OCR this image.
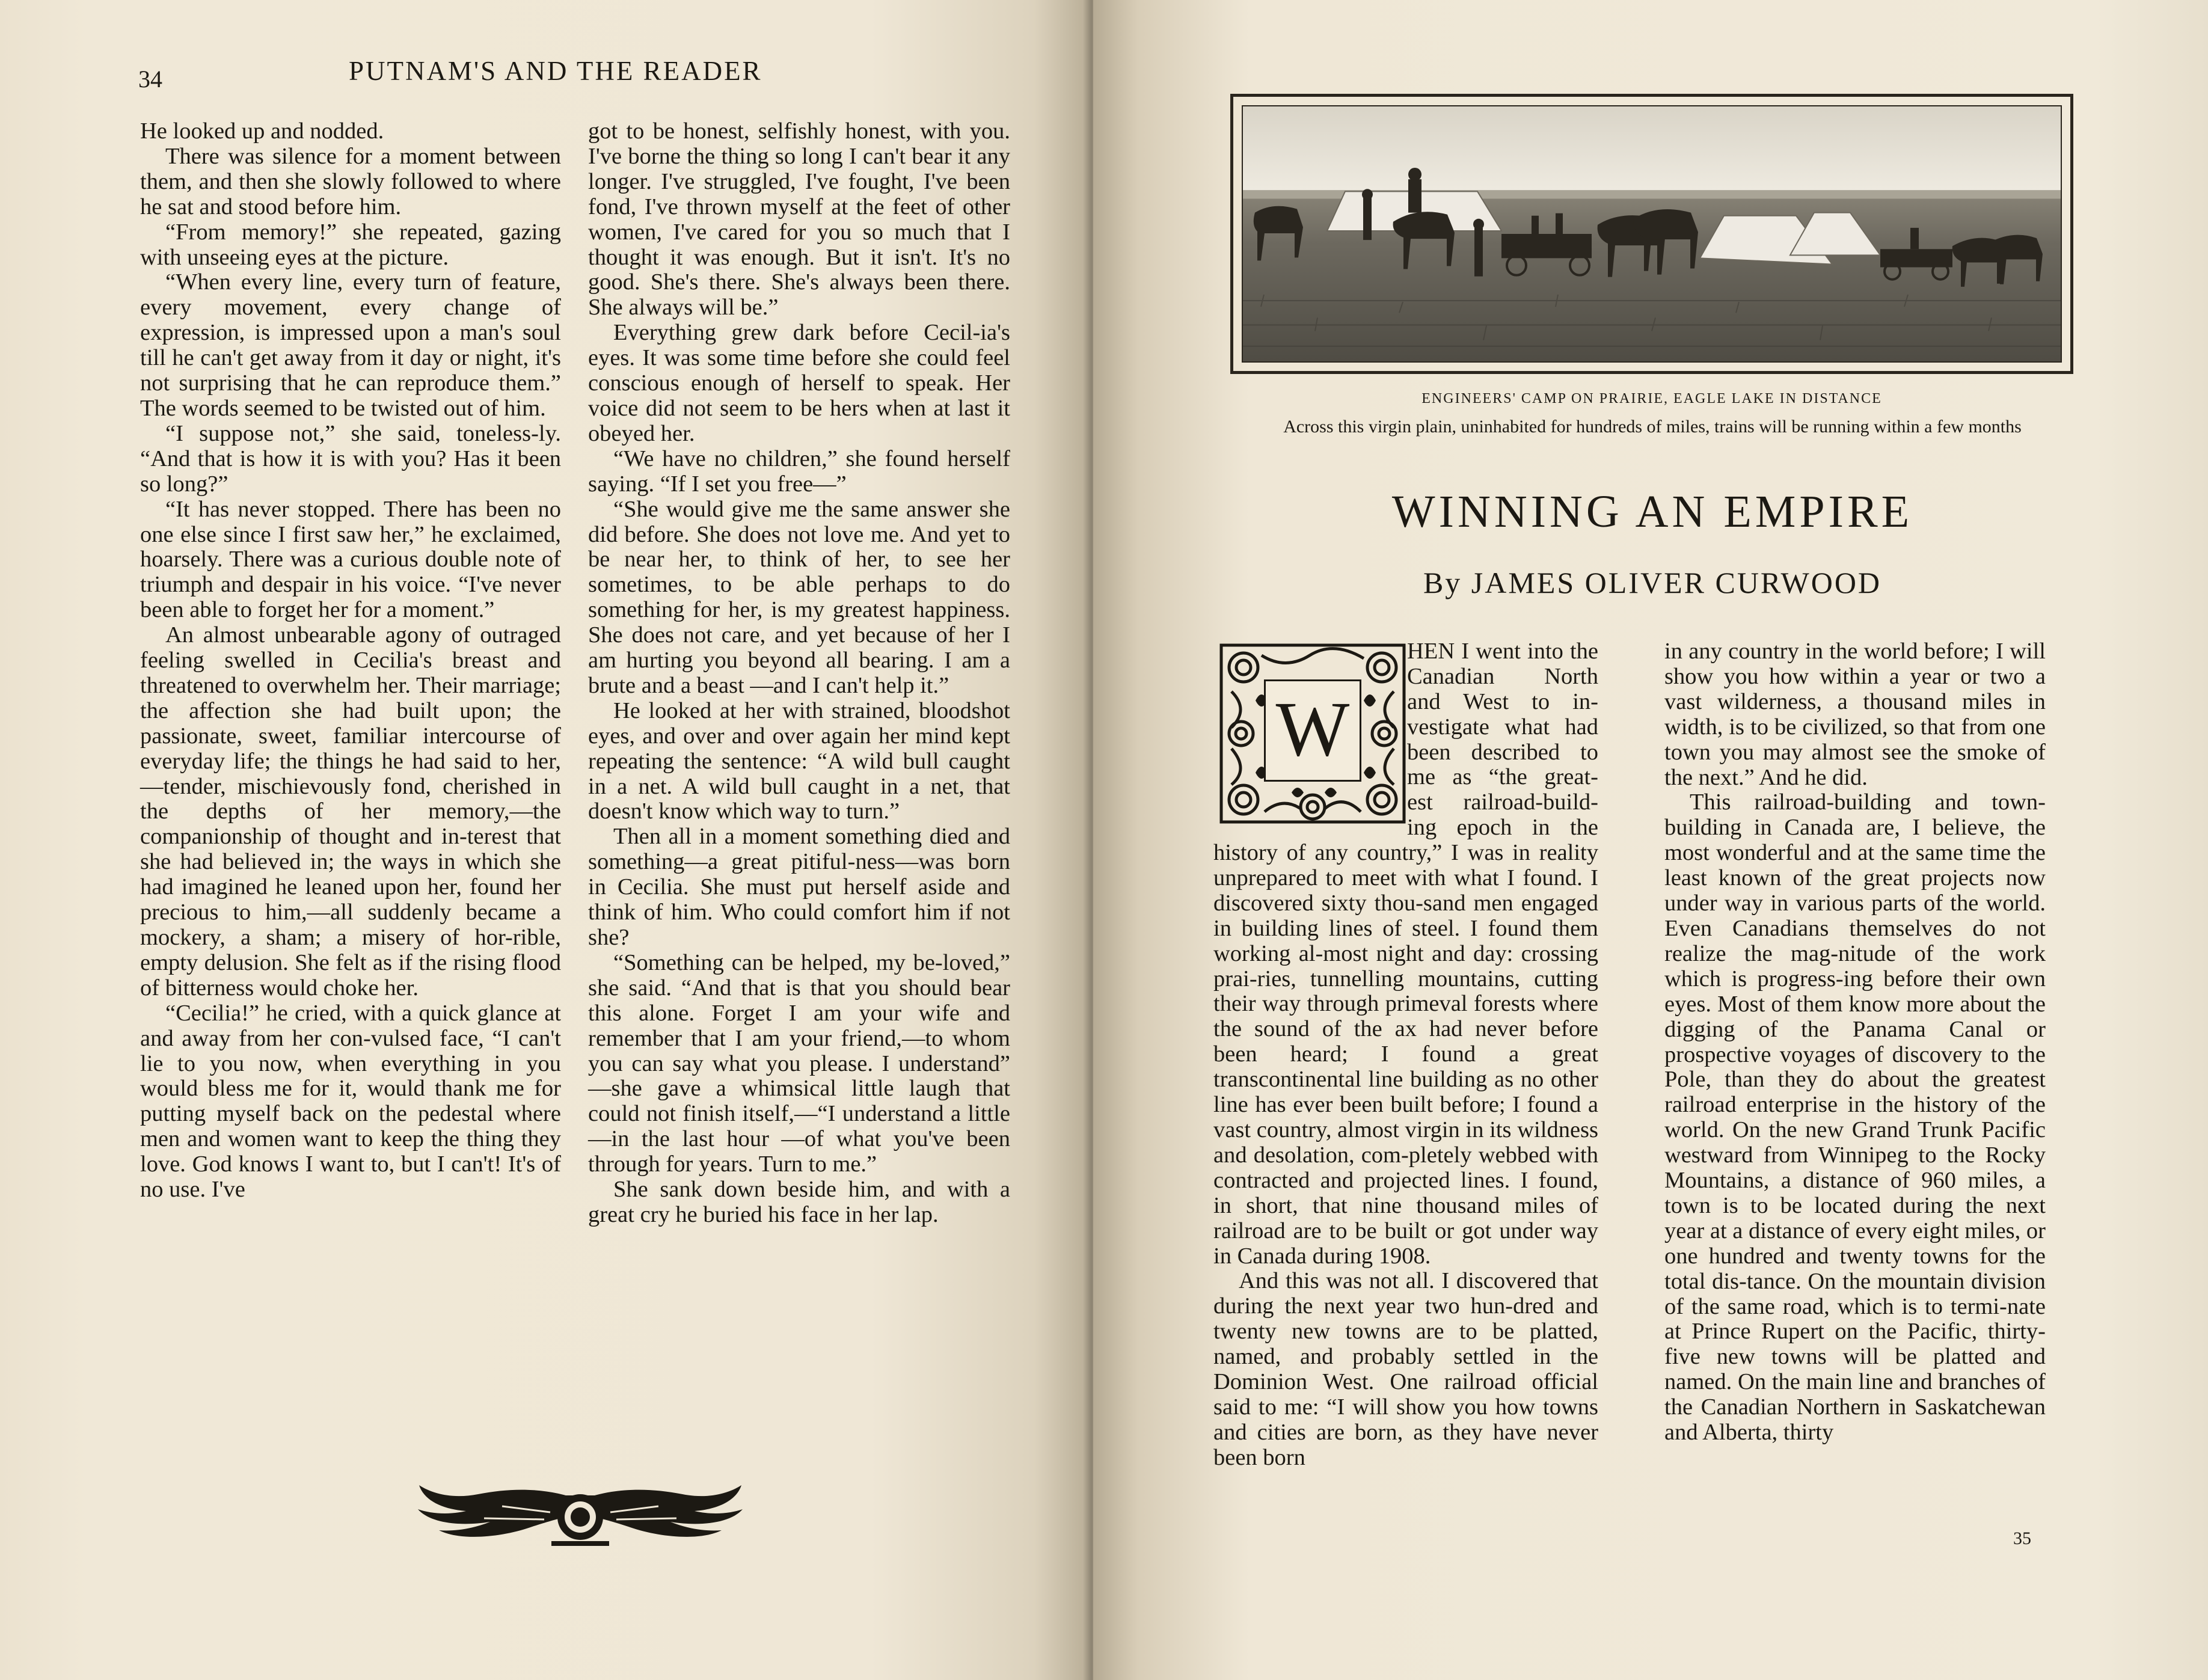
34	PUTNAM'S AND THE READER

He looked up and nodded.

There was silence for a moment between them, and then she slowly followed to where he sat and stood before him.

“From memory!” she repeated, gazing with unseeing eyes at the picture.

“When every line, every turn of feature, every movement, every change of expression, is impressed upon a man's soul till he can't get away from it day or night, it's not surprising that he can reproduce them.” The words seemed to be twisted out of him.

“I suppose not,” she said, toneless-ly. “And that is how it is with you? Has it been so long?”

“It has never stopped. There has been no one else since I first saw her,” he exclaimed, hoarsely. There was a curious double note of triumph and despair in his voice. “I've never been able to forget her for a moment.”

An almost unbearable agony of outraged feeling swelled in Cecilia's breast and threatened to overwhelm her. Their marriage; the affection she had built upon; the passionate, sweet, familiar intercourse of everyday life; the things he had said to her,—tender, mischievously fond, cherished in the depths of her memory,—the companionship of thought and in-terest that she had believed in; the ways in which she had imagined he leaned upon her, found her precious to him,—all suddenly became a mockery, a sham; a misery of hor-rible, empty delusion. She felt as if the rising flood of bitterness would choke her.

“Cecilia!” he cried, with a quick glance at and away from her con-vulsed face, “I can't lie to you now, when everything in you would bless me for it, would thank me for putting myself back on the pedestal where men and women want to keep the thing they love. God knows I want to, but I can't! It's of no use. I've

got to be honest, selfishly honest, with you. I've borne the thing so long I can't bear it any longer. I've struggled, I've fought, I've been fond, I've thrown myself at the feet of other women, I've cared for you so much that I thought it was enough. But it isn't. It's no good. She's there. She's always been there. She always will be.”

Everything grew dark before Cecil-ia's eyes. It was some time before she could feel conscious enough of herself to speak. Her voice did not seem to be hers when at last it obeyed her.

“We have no children,” she found herself saying. “If I set you free—”

“She would give me the same answer she did before. She does not love me. And yet to be near her, to think of her, to see her sometimes, to be able perhaps to do something for her, is my greatest happiness. She does not care, and yet because of her I am hurting you beyond all bearing. I am a brute and a beast —and I can't help it.”

He looked at her with strained, bloodshot eyes, and over and over again her mind kept repeating the sentence: “A wild bull caught in a net. A wild bull caught in a net, that doesn't know which way to turn.”

Then all in a moment something died and something—a great pitiful-ness—was born in Cecilia. She must put herself aside and think of him. Who could comfort him if not she?

“Something can be helped, my be-loved,” she said. “And that is that you should bear this alone. Forget I am your wife and remember that I am your friend,—to whom you can say what you please. I understand” —she gave a whimsical little laugh that could not finish itself,—“I understand a little—in the last hour —of what you've been through for years. Turn to me.”

She sank down beside him, and with a great cry he buried his face in her lap.

ENGINEERS' CAMP ON PRAIRIE, EAGLE LAKE IN DISTANCE
Across this virgin plain, uninhabited for hundreds of miles, trains will be running within a few months
WINNING AN EMPIRE
By JAMES OLIVER CURWOOD
W
HEN I went into the
Canadian North
and West to in-
vestigate what had
been described to
me as “the great-
est railroad-build-
ing epoch in the

history of any country,” I was in reality unprepared to meet with what I found. I discovered sixty thou-sand men engaged in building lines of steel. I found them working al-most night and day: crossing prai-ries, tunnelling mountains, cutting their way through primeval forests where the sound of the ax had never before been heard; I found a great transcontinental line building as no other line has ever been built before; I found a vast country, almost virgin in its wildness and desolation, com-pletely webbed with contracted and projected lines. I found, in short, that nine thousand miles of railroad are to be built or got under way in Canada during 1908.

And this was not all. I discovered that during the next year two hun-dred and twenty new towns are to be platted, named, and probably settled in the Dominion West. One railroad official said to me: “I will show you how towns and cities are born, as they have never been born

in any country in the world before; I will show you how within a year or two a vast wilderness, a thousand miles in width, is to be civilized, so that from one town you may almost see the smoke of the next.” And he did.

This railroad-building and town-building in Canada are, I believe, the most wonderful and at the same time the least known of the great projects now under way in various parts of the world. Even Canadians themselves do not realize the mag-nitude of the work which is progress-ing before their own eyes. Most of them know more about the digging of the Panama Canal or prospective voyages of discovery to the Pole, than they do about the greatest railroad enterprise in the history of the world. On the new Grand Trunk Pacific westward from Winnipeg to the Rocky Mountains, a distance of 960 miles, a town is to be located during the next year at a distance of every eight miles, or one hundred and twenty towns for the total dis-tance. On the mountain division of the same road, which is to termi-nate at Prince Rupert on the Pacific, thirty-five new towns will be platted and named. On the main line and branches of the Canadian Northern in Saskatchewan and Alberta, thirty

35
